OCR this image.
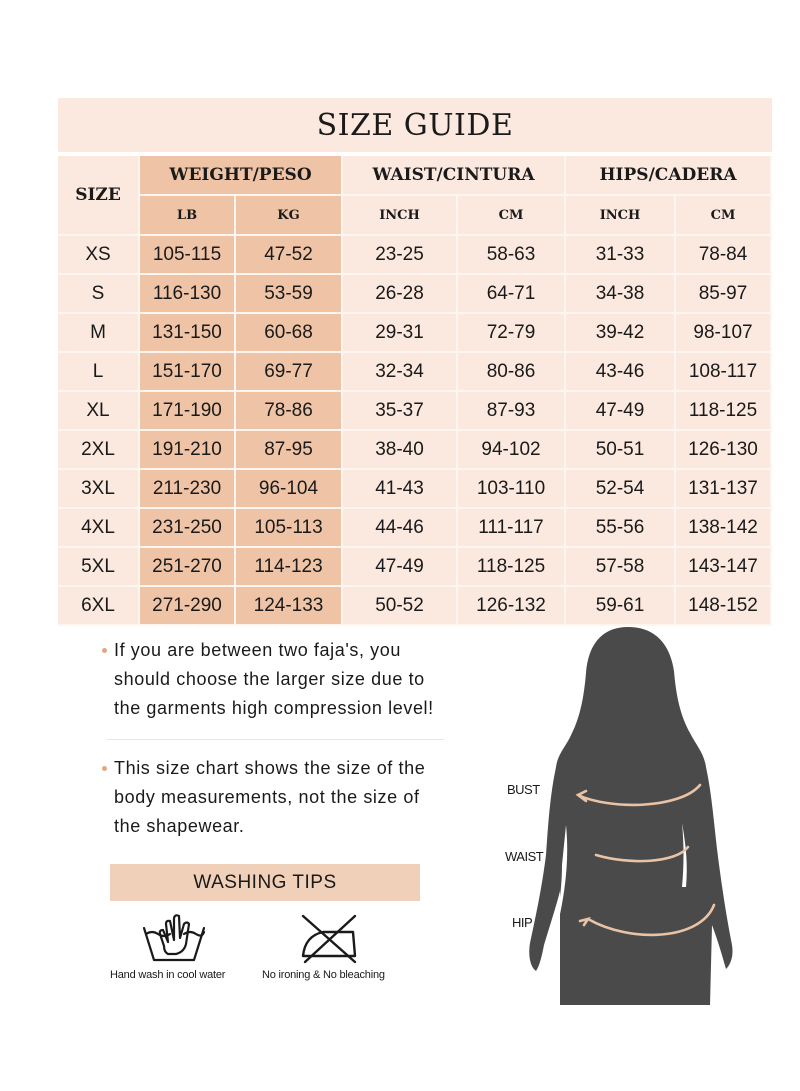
SIZE GUIDE
SIZE	WEIGHT/PESO		WAIST/CINTURA		HIPS/CADERA	
	LB	KG	INCH	CM	INCH	CM
XS	105-115	47-52	23-25	58-63	31-33	78-84
S	116-130	53-59	26-28	64-71	34-38	85-97
M	131-150	60-68	29-31	72-79	39-42	98-107
L	151-170	69-77	32-34	80-86	43-46	108-117
XL	171-190	78-86	35-37	87-93	47-49	118-125
2XL	191-210	87-95	38-40	94-102	50-51	126-130
3XL	211-230	96-104	41-43	103-110	52-54	131-137
4XL	231-250	105-113	44-46	111-117	55-56	138-142
5XL	251-270	114-123	47-49	118-125	57-58	143-147
6XL	271-290	124-133	50-52	126-132	59-61	148-152
If you are between two faja's, you should choose the larger size due to the garments high compression level!
This size chart shows the size of the body measurements, not the size of the shapewear.
WASHING TIPS
Hand wash in cool water	No ironing & No bleaching
BUST
WAIST
HIP
